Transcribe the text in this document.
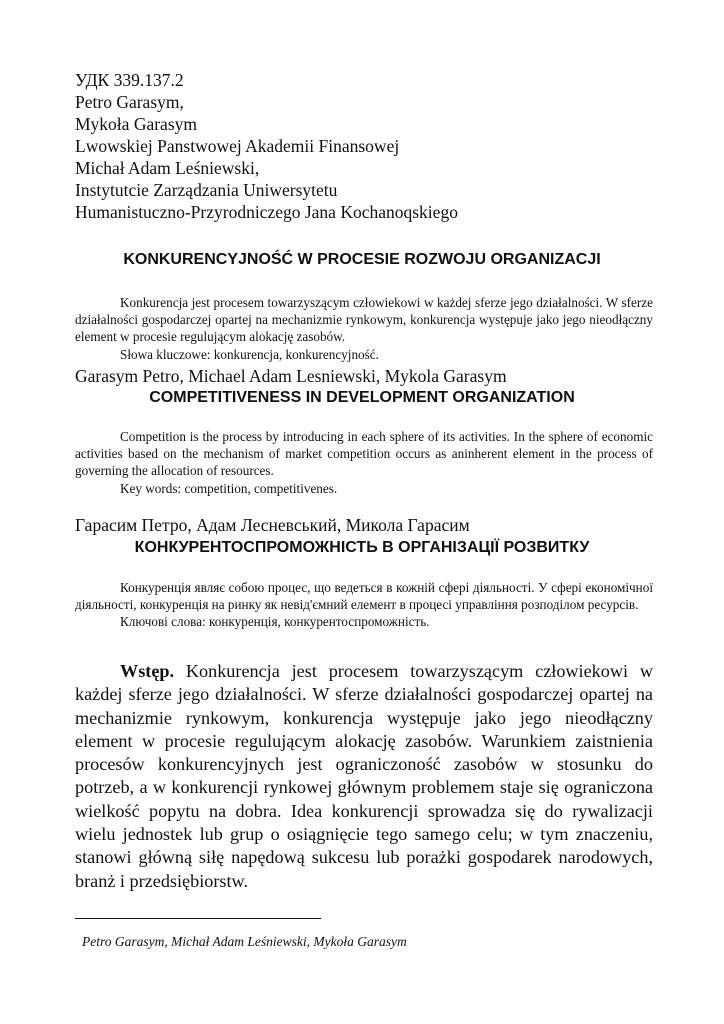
УДК 339.137.2
Petro Garasym,
Mykoła Garasym
Lwowskiej Panstwowej Akademii Finansowej
Michał Adam Leśniewski,
Instytutcie Zarządzania Uniwersytetu
Humanistuczno-Przyrodniczego Jana Kochanoqskiego
KONKURENCYJNOŚĆ W PROCESIE ROZWOJU ORGANIZACJI

Konkurencja jest procesem towarzyszącym człowiekowi w każdej sferze jego działalności. W sferze działalności gospodarczej opartej na mechanizmie rynkowym, konkurencja występuje jako jego nieodłączny element w procesie regulującym alokację zasobów.

Słowa kluczowe: konkurencja, konkurencyjność.

Garasym Petro, Michael Adam Lesniewski, Mykola Garasym
COMPETITIVENESS IN DEVELOPMENT ORGANIZATION

Competition is the process by introducing in each sphere of its activities. In the sphere of economic activities based on the mechanism of market competition occurs as aninherent element in the process of governing the allocation of resources.

Key words: competition, competitivenes.

Гарасим Петро, Адам Лесневський, Микола Гарасим
КОНКУРЕНТОСПРОМОЖНІСТЬ В ОРГАНІЗАЦІЇ РОЗВИТКУ

Конкуренція являє собою процес, що ведеться в кожній сфері діяльності. У сфері економічної діяльності, конкуренція на ринку як невід'ємний елемент в процесі управління розподілом ресурсів.

Ключові слова: конкуренція, конкурентоспроможність.

Wstęp. Konkurencja jest procesem towarzyszącym człowiekowi w każdej sferze jego działalności. W sferze działalności gospodarczej opartej na mechanizmie rynkowym, konkurencja występuje jako jego nieodłączny element w procesie regulującym alokację zasobów. Warunkiem zaistnienia procesów konkurencyjnych jest ograniczoność zasobów w stosunku do potrzeb, a w konkurencji rynkowej głównym problemem staje się ograniczona wielkość popytu na dobra. Idea konkurencji sprowadza się do rywalizacji wielu jednostek lub grup o osiągnięcie tego samego celu; w tym znaczeniu, stanowi główną siłę napędową sukcesu lub porażki gospodarek narodowych, branż i przedsiębiorstw.

Petro Garasym, Michał Adam Leśniewski, Mykoła Garasym
